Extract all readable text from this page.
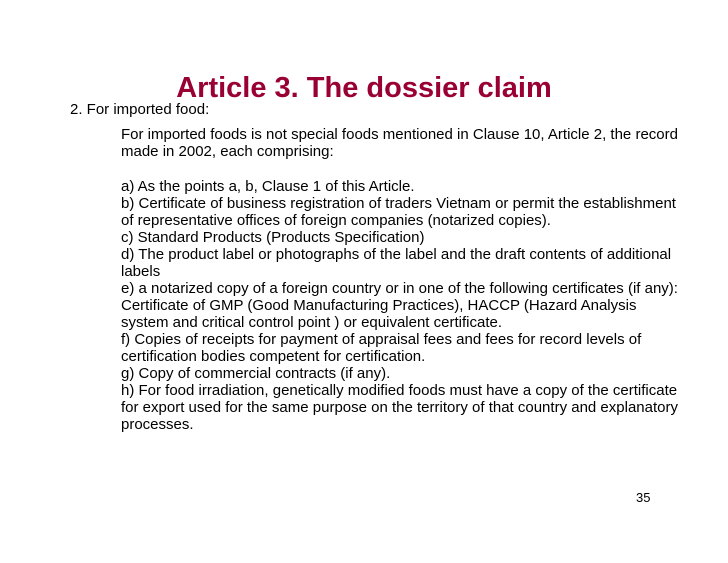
Article 3. The dossier claim
2. For imported food:
For imported foods is not special foods mentioned in Clause 10, Article 2, the record made in 2002, each comprising:

a) As the points a, b, Clause 1 of this Article.

b) Certificate of business registration of traders Vietnam or permit the establishment of representative offices of foreign companies (notarized copies).

c) Standard Products (Products Specification)

d) The product label or photographs of the label and the draft contents of additional labels

e) a notarized copy of a foreign country or in one of the following certificates (if any): Certificate of GMP (Good Manufacturing Practices), HACCP (Hazard Analysis system and critical control point ) or equivalent certificate.

f) Copies of receipts for payment of appraisal fees and fees for record levels of certification bodies competent for certification.

g) Copy of commercial contracts (if any).

h) For food irradiation, genetically modified foods must have a copy of the certificate for export used for the same purpose on the territory of that country and explanatory processes.

35
